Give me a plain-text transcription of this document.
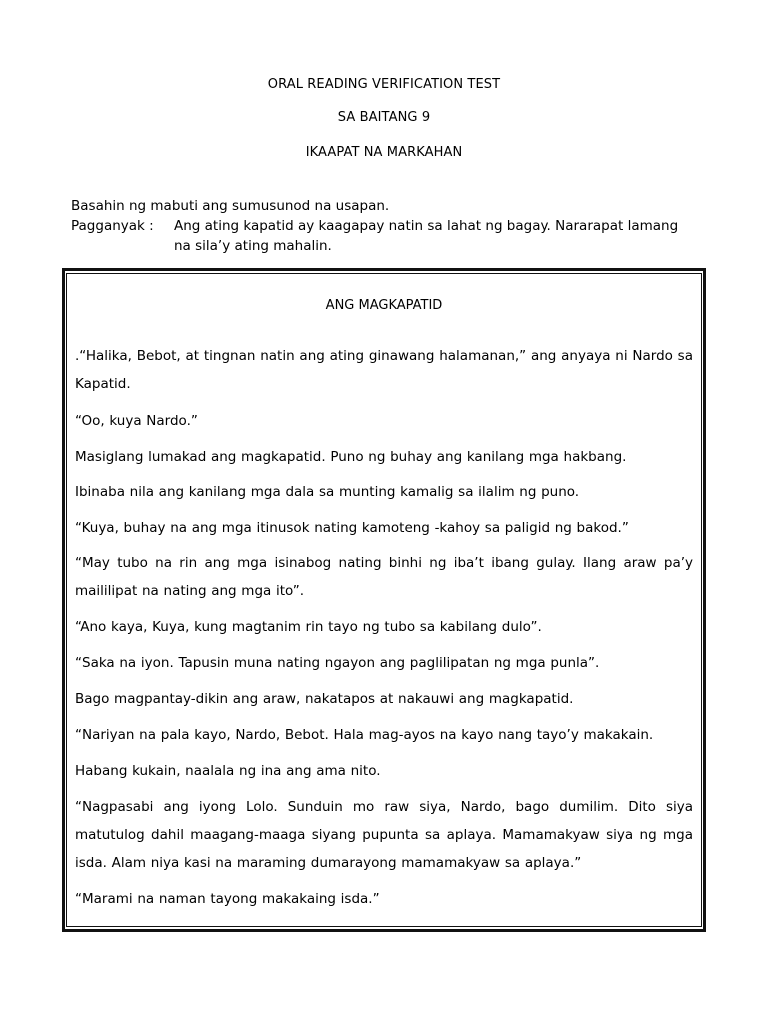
ORAL READING VERIFICATION TEST
SA BAITANG 9
IKAAPAT NA MARKAHAN
Basahin ng mabuti ang sumusunod na usapan.
Pagganyak : Ang ating kapatid ay kaagapay natin sa lahat ng bagay. Nararapat lamang na sila’y ating mahalin.
ANG MAGKAPATID

.“Halika, Bebot, at tingnan natin ang ating ginawang halamanan,” ang anyaya ni Nardo sa Kapatid.

“Oo, kuya Nardo.”

Masiglang lumakad ang magkapatid. Puno ng buhay ang kanilang mga hakbang.

Ibinaba nila ang kanilang mga dala sa munting kamalig sa ilalim ng puno.

“Kuya, buhay na ang mga itinusok nating kamoteng -kahoy sa paligid ng bakod.”

“May tubo na rin ang mga isinabog nating binhi ng iba’t ibang gulay. Ilang araw pa’y maililipat na nating ang mga ito”.

“Ano kaya, Kuya, kung magtanim rin tayo ng tubo sa kabilang dulo”.

“Saka na iyon. Tapusin muna nating ngayon ang paglilipatan ng mga punla”.

Bago magpantay-dikin ang araw, nakatapos at nakauwi ang magkapatid.

“Nariyan na pala kayo, Nardo, Bebot. Hala mag-ayos na kayo nang tayo’y makakain.

Habang kukain, naalala ng ina ang ama nito.

“Nagpasabi ang iyong Lolo. Sunduin mo raw siya, Nardo, bago dumilim. Dito siya matutulog dahil maagang-maaga siyang pupunta sa aplaya. Mamamakyaw siya ng mga isda. Alam niya kasi na maraming dumarayong mamamakyaw sa aplaya.”

“Marami na naman tayong makakaing isda.”
